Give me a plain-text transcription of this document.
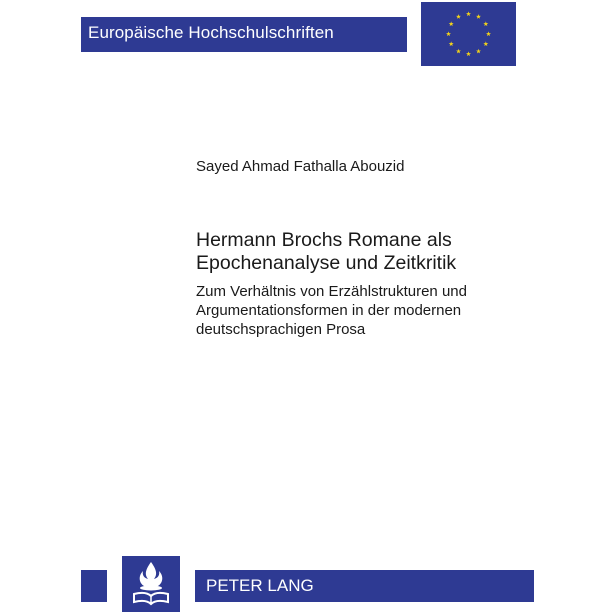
Europäische Hochschulschriften
Sayed Ahmad Fathalla Abouzid
Hermann Brochs Romane als
Epochenanalyse und Zeitkritik
Zum Verhältnis von Erzählstrukturen und
Argumentationsformen in der modernen
deutschsprachigen Prosa
PETER LANG
